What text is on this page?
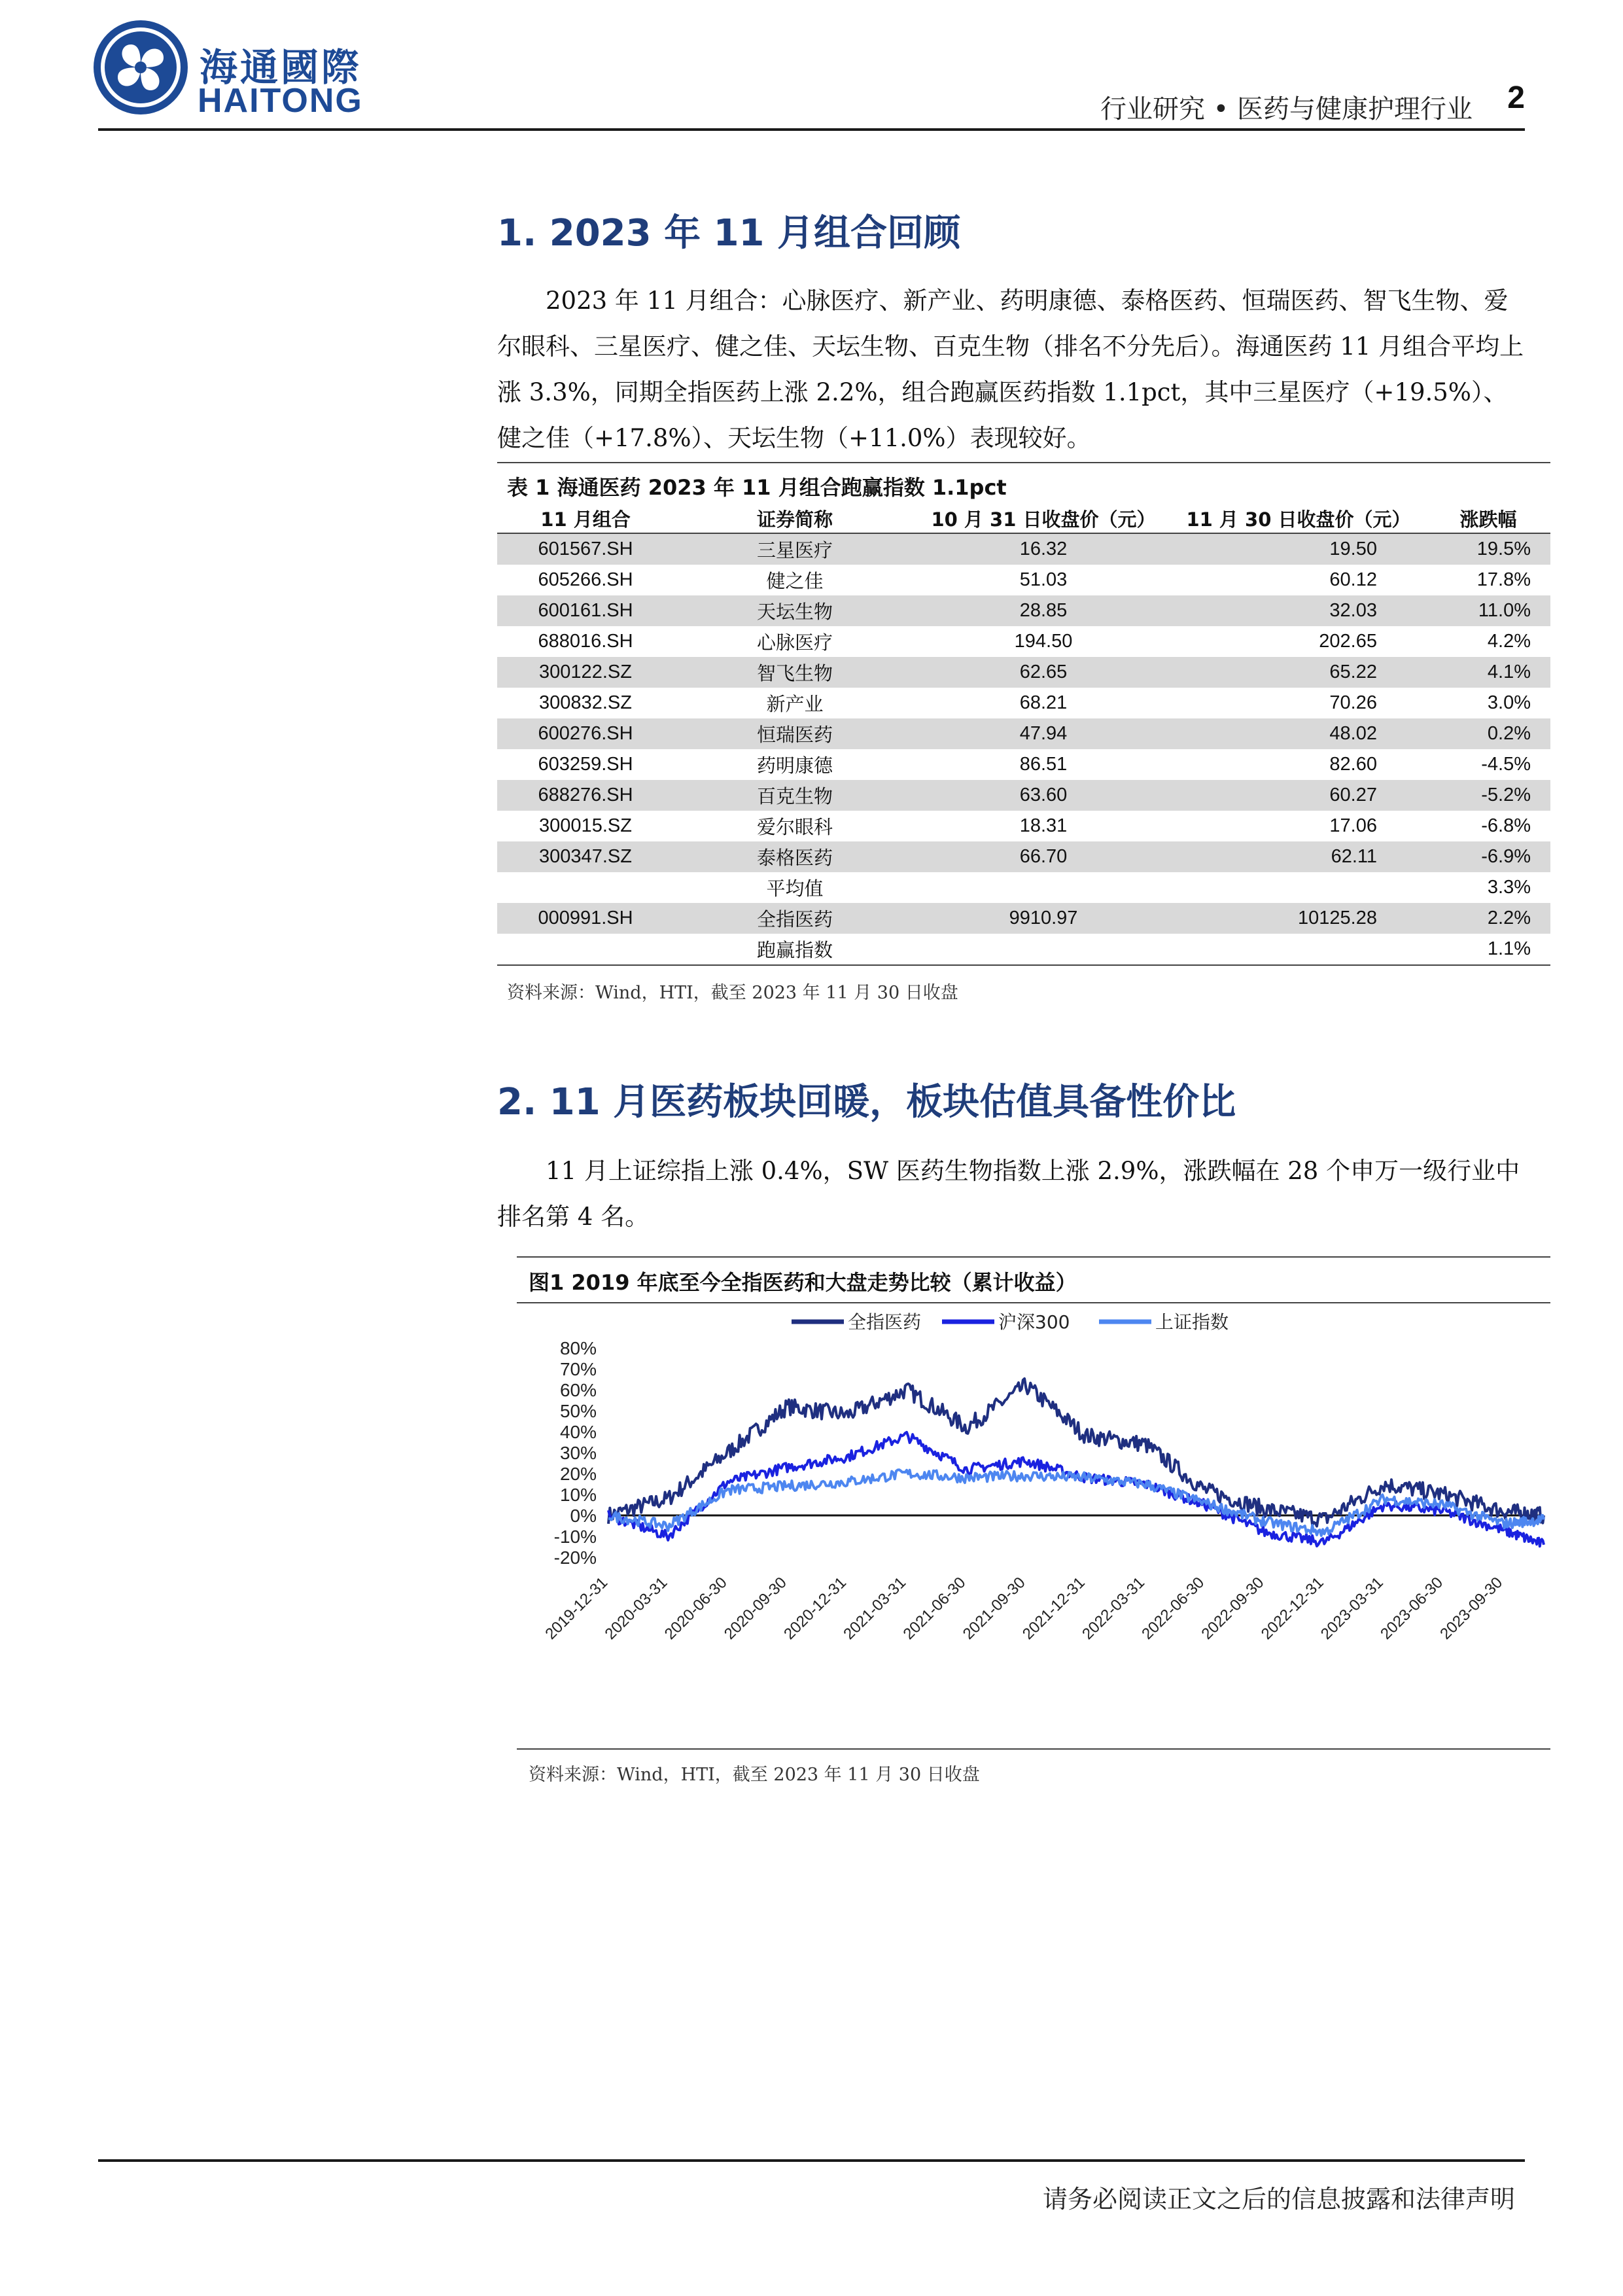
海通國際
HAITONG	行业研究 • 医药与健康护理行业 2
1. 2023 年 11 月组合回顾
2023 年 11 月组合：心脉医疗、新产业、药明康德、泰格医药、恒瑞医药、智飞生物、爱尔眼科、三星医疗、健之佳、天坛生物、百克生物（排名不分先后）。海通医药 11 月组合平均上涨 3.3%，同期全指医药上涨 2.2%，组合跑赢医药指数 1.1pct，其中三星医疗（+19.5%）、健之佳（+17.8%）、天坛生物（+11.0%）表现较好。
表 1 海通医药 2023 年 11 月组合跑赢指数 1.1pct
11 月组合	证券简称	10 月 31 日收盘价（元）	11 月 30 日收盘价（元）	涨跌幅
601567.SH	三星医疗	16.32	19.50	19.5%
605266.SH	健之佳	51.03	60.12	17.8%
600161.SH	天坛生物	28.85	32.03	11.0%
688016.SH	心脉医疗	194.50	202.65	4.2%
300122.SZ	智飞生物	62.65	65.22	4.1%
300832.SZ	新产业	68.21	70.26	3.0%
600276.SH	恒瑞医药	47.94	48.02	0.2%
603259.SH	药明康德	86.51	82.60	-4.5%
688276.SH	百克生物	63.60	60.27	-5.2%
300015.SZ	爱尔眼科	18.31	17.06	-6.8%
300347.SZ	泰格医药	66.70	62.11	-6.9%
	平均值			3.3%
000991.SH	全指医药	9910.97	10125.28	2.2%
	跑赢指数			1.1%
资料来源：Wind，HTI，截至 2023 年 11 月 30 日收盘
2. 11 月医药板块回暖，板块估值具备性价比
11 月上证综指上涨 0.4%，SW 医药生物指数上涨 2.9%，涨跌幅在 28 个申万一级行业中排名第 4 名。
图1 2019 年底至今全指医药和大盘走势比较（累计收益）
80%
70%
60%
50%
40%
30%
20%
10%
0%
-10%
-20%
2019-12-31
2020-03-31
2020-06-30
2020-09-30
2020-12-31
2021-03-31
2021-06-30
2021-09-30
2021-12-31
2022-03-31
2022-06-30
2022-09-30
2022-12-31
2023-03-31
2023-06-30
2023-09-30
全指医药	沪深300	上证指数
资料来源：Wind，HTI，截至 2023 年 11 月 30 日收盘
请务必阅读正文之后的信息披露和法律声明
